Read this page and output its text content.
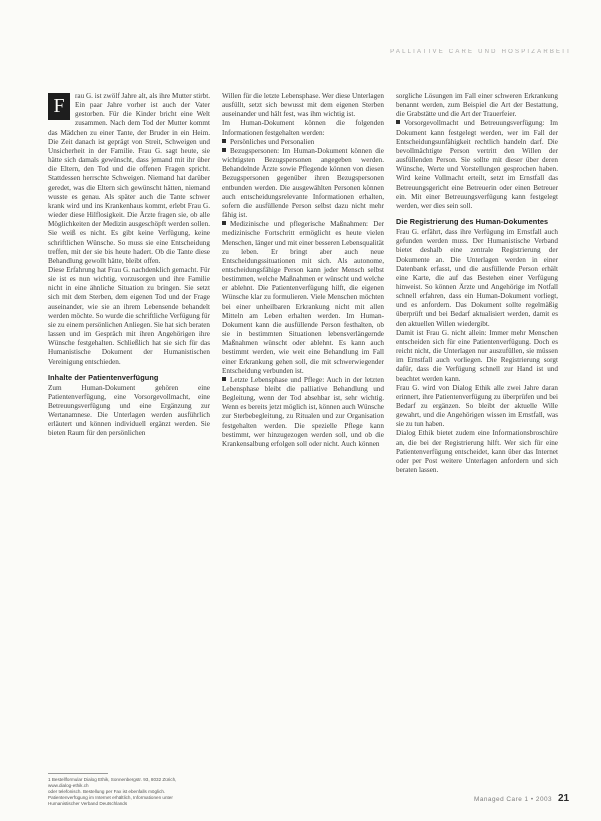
PALLIATIVE CARE UND HOSPIZARBEIT

F	rau G. ist zwölf Jahre alt, als ihre Mutter stirbt. Ein paar Jahre vorher ist auch der Vater gestorben. Für die Kinder bricht eine Welt zusammen. Nach dem Tod der Mutter kommt das Mädchen zu einer Tante, der Bruder in ein Heim. Die Zeit danach ist geprägt von Streit, Schweigen und Unsicherheit in der Familie. Frau G. sagt heute, sie hätte sich damals gewünscht, dass jemand mit ihr über die Eltern, den Tod und die offenen Fragen spricht. Stattdessen herrschte Schweigen. Niemand hat darüber geredet, was die Eltern sich gewünscht hätten, niemand wusste es genau. Als später auch die Tante schwer krank wird und ins Krankenhaus kommt, erlebt Frau G. wieder diese Hilflosigkeit. Die Ärzte fragen sie, ob alle Möglichkeiten der Medizin ausgeschöpft werden sollen. Sie weiß es nicht. Es gibt keine Verfügung, keine schriftlichen Wünsche. So muss sie eine Entscheidung treffen, mit der sie bis heute hadert. Ob die Tante diese Behandlung gewollt hätte, bleibt offen.

Diese Erfahrung hat Frau G. nachdenklich gemacht. Für sie ist es nun wichtig, vorzusorgen und ihre Familie nicht in eine ähnliche Situation zu bringen. Sie setzt sich mit dem Sterben, dem eigenen Tod und der Frage auseinander, wie sie an ihrem Lebensende behandelt werden möchte. So wurde die schriftliche Verfügung für sie zu einem persönlichen Anliegen. Sie hat sich beraten lassen und im Gespräch mit ihren Angehörigen ihre Wünsche festgehalten. Schließlich hat sie sich für das Humanistische Dokument der Humanistischen Vereinigung entschieden.

Inhalte der Patientenverfügung

Zum Human-Dokument gehören eine Patientenverfügung, eine Vorsorgevollmacht, eine Betreuungsverfügung und eine Ergänzung zur Wertanamnese. Die Unterlagen werden ausführlich erläutert und können individuell ergänzt werden. Sie bieten Raum für den persönlichen

Willen für die letzte Lebensphase. Wer diese Unterlagen ausfüllt, setzt sich bewusst mit dem eigenen Sterben auseinander und hält fest, was ihm wichtig ist.

Im Human-Dokument können die folgenden Informationen festgehalten werden:

Persönliches und Personalien
Bezugspersonen: Im Human-Dokument können die wichtigsten Bezugspersonen angegeben werden. Behandelnde Ärzte sowie Pflegende können von diesen Bezugspersonen gegenüber ihren Bezugspersonen entbunden werden. Die ausgewählten Personen können auch entscheidungsrelevante Informationen erhalten, sofern die ausfüllende Person selbst dazu nicht mehr fähig ist.
Medizinische und pflegerische Maßnahmen: Der medizinische Fortschritt ermöglicht es heute vielen Menschen, länger und mit einer besseren Lebensqualität zu leben. Er bringt aber auch neue Entscheidungssituationen mit sich. Als autonome, entscheidungsfähige Person kann jeder Mensch selbst bestimmen, welche Maßnahmen er wünscht und welche er ablehnt. Die Patientenverfügung hilft, die eigenen Wünsche klar zu formulieren. Viele Menschen möchten bei einer unheilbaren Erkrankung nicht mit allen Mitteln am Leben erhalten werden. Im Human-Dokument kann die ausfüllende Person festhalten, ob sie in bestimmten Situationen lebensverlängernde Maßnahmen wünscht oder ablehnt. Es kann auch bestimmt werden, wie weit eine Behandlung im Fall einer Erkrankung gehen soll, die mit schwerwiegender Entscheidung verbunden ist.
Letzte Lebensphase und Pflege: Auch in der letzten Lebensphase bleibt die palliative Behandlung und Begleitung, wenn der Tod absehbar ist, sehr wichtig. Wenn es bereits jetzt möglich ist, können auch Wünsche zur Sterbebegleitung, zu Ritualen und zur Organisation festgehalten werden. Die spezielle Pflege kann bestimmt, wer hinzugezogen werden soll, und ob die Krankensalbung erfolgen soll oder nicht. Auch können

sorgliche Lösungen im Fall einer schweren Erkrankung benannt werden, zum Beispiel die Art der Bestattung, die Grabstätte und die Art der Trauerfeier.

Vorsorgevollmacht und Betreuungsverfügung: Im Dokument kann festgelegt werden, wer im Fall der Entscheidungsunfähigkeit rechtlich handeln darf. Die bevollmächtigte Person vertritt den Willen der ausfüllenden Person. Sie sollte mit dieser über deren Wünsche, Werte und Vorstellungen gesprochen haben. Wird keine Vollmacht erteilt, setzt im Ernstfall das Betreuungsgericht eine Betreuerin oder einen Betreuer ein. Mit einer Betreuungsverfügung kann festgelegt werden, wer dies sein soll.
Die Registrierung des Human-Dokumentes

Frau G. erfährt, dass ihre Verfügung im Ernstfall auch gefunden werden muss. Der Humanistische Verband bietet deshalb eine zentrale Registrierung der Dokumente an. Die Unterlagen werden in einer Datenbank erfasst, und die ausfüllende Person erhält eine Karte, die auf das Bestehen einer Verfügung hinweist. So können Ärzte und Angehörige im Notfall schnell erfahren, dass ein Human-Dokument vorliegt, und es anfordern. Das Dokument sollte regelmäßig überprüft und bei Bedarf aktualisiert werden, damit es den aktuellen Willen wiedergibt.

Damit ist Frau G. nicht allein: Immer mehr Menschen entscheiden sich für eine Patientenverfügung. Doch es reicht nicht, die Unterlagen nur auszufüllen, sie müssen im Ernstfall auch vorliegen. Die Registrierung sorgt dafür, dass die Verfügung schnell zur Hand ist und beachtet werden kann.

Frau G. wird von Dialog Ethik alle zwei Jahre daran erinnert, ihre Patientenverfügung zu überprüfen und bei Bedarf zu ergänzen. So bleibt der aktuelle Wille gewahrt, und die Angehörigen wissen im Ernstfall, was sie zu tun haben.

Dialog Ethik bietet zudem eine Informationsbroschüre an, die bei der Registrierung hilft. Wer sich für eine Patientenverfügung entscheidet, kann über das Internet oder per Post weitere Unterlagen anfordern und sich beraten lassen.

1 Bestellformular Dialog Ethik, Sonnenbergstr. 93, 8032 Zürich, www.dialog-ethik.ch
oder telefonisch. Bestellung per Fax ist ebenfalls möglich.
Patientenverfügung im Internet erhältlich, Informationen unter
Humanistischer Verband Deutschlands
Managed Care 1 • 2003 21
